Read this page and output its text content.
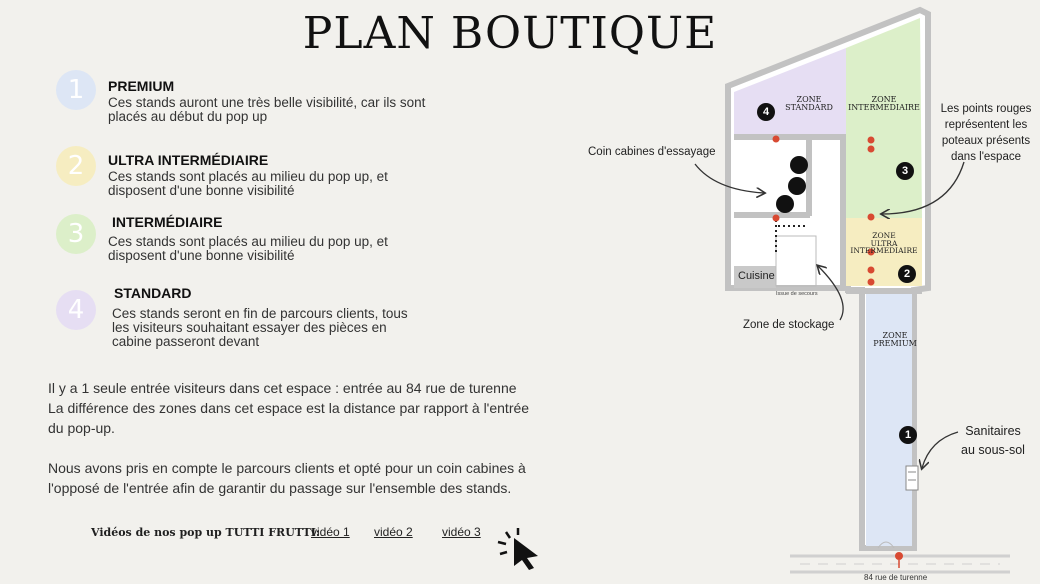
PLAN BOUTIQUE
1 PREMIUM
Ces stands auront une très belle visibilité, car ils sont
placés au début du pop up
2 ULTRA INTERMÉDIAIRE
Ces stands sont placés au milieu du pop up, et
disposent d'une bonne visibilité
3 INTERMÉDIAIRE
Ces stands sont placés au milieu du pop up, et
disposent d'une bonne visibilité
4
STANDARD
Ces stands seront en fin de parcours clients, tous
les visiteurs souhaitant essayer des pièces en
cabine passeront devant
Il y a 1 seule entrée visiteurs dans cet espace : entrée au 84 rue de turenne
La différence des zones dans cet espace est la distance par rapport à l'entrée
du pop-up.
Nous avons pris en compte le parcours clients et opté pour un coin cabines à
l'opposé de l'entrée afin de garantir du passage sur l'ensemble des stands.
Vidéos de nos pop up TUTTI FRUTTI:
vidéo 1 vidéo 2 vidéo 3
ZONE
STANDARD
ZONE
INTERMEDIAIRE
ZONE
ULTRA
INTERMEDIAIRE
ZONE
PREMIUM
4
3
2
1
Cuisine
Issue de secours
84 rue de turenne
Coin cabines d'essayage
Zone de stockage
Les points rouges
représentent les
poteaux présents
dans l'espace
Sanitaires
au sous-sol
